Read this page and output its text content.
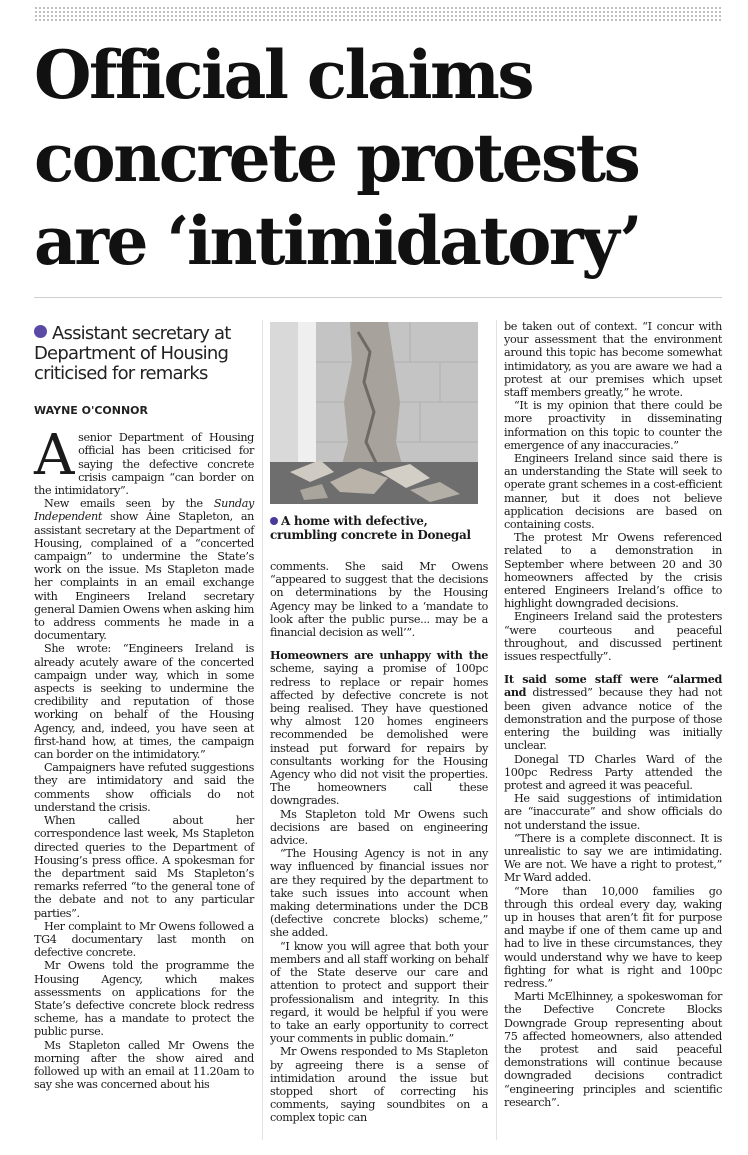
Official claims
concrete protests
are ‘intimidatory’
Assistant secretary at Department of Housing criticised for remarks
WAYNE O'CONNOR

Asenior Department of Housing official has been criticised for saying the defective concrete crisis campaign “can border on the intimidatory”.

New emails seen by the Sunday Independent show Áine Stapleton, an assistant secretary at the Department of Housing, complained of a “concerted campaign” to undermine the State’s work on the issue. Ms Stapleton made her complaints in an email exchange with Engineers Ireland secretary general Damien Owens when asking him to address comments he made in a documentary.

She wrote: “Engineers Ireland is already acutely aware of the concerted campaign under way, which in some aspects is seeking to undermine the credibility and reputation of those working on behalf of the Housing Agency, and, indeed, you have seen at first-hand how, at times, the campaign can border on the intimidatory.”

Campaigners have refuted suggestions they are intimidatory and said the comments show officials do not understand the crisis.

When called about her correspondence last week, Ms Stapleton directed queries to the Department of Housing’s press office. A spokesman for the department said Ms Stapleton’s remarks referred “to the general tone of the debate and not to any particular parties”.

Her complaint to Mr Owens followed a TG4 documentary last month on defective concrete.

Mr Owens told the programme the Housing Agency, which makes assessments on applications for the State’s defective concrete block redress scheme, has a mandate to protect the public purse.

Ms Stapleton called Mr Owens the morning after the show aired and followed up with an email at 11.20am to say she was concerned about his

A home with defective, crumbling concrete in Donegal

comments. She said Mr Owens “appeared to suggest that the decisions on determinations by the Housing Agency may be linked to a ‘mandate to look after the public purse... may be a financial decision as well’”.

Homeowners are unhappy with the scheme, saying a promise of 100pc redress to replace or repair homes affected by defective concrete is not being realised. They have questioned why almost 120 homes engineers recommended be demolished were instead put forward for repairs by consultants working for the Housing Agency who did not visit the properties. The homeowners call these downgrades.

Ms Stapleton told Mr Owens such decisions are based on engineering advice.

“The Housing Agency is not in any way influenced by financial issues nor are they required by the department to take such issues into account when making determinations under the DCB (defective concrete blocks) scheme,” she added.

“I know you will agree that both your members and all staff working on behalf of the State deserve our care and attention to protect and support their professionalism and integrity. In this regard, it would be helpful if you were to take an early opportunity to correct your comments in public domain.”

Mr Owens responded to Ms Stapleton by agreeing there is a sense of intimidation around the issue but stopped short of correcting his comments, saying soundbites on a complex topic can

be taken out of context. “I concur with your assessment that the environment around this topic has become somewhat intimidatory, as you are aware we had a protest at our premises which upset staff members greatly,” he wrote.

“It is my opinion that there could be more proactivity in disseminating information on this topic to counter the emergence of any inaccuracies.”

Engineers Ireland since said there is an understanding the State will seek to operate grant schemes in a cost-efficient manner, but it does not believe application decisions are based on containing costs.

The protest Mr Owens referenced related to a demonstration in September where between 20 and 30 homeowners affected by the crisis entered Engineers Ireland’s office to highlight downgraded decisions.

Engineers Ireland said the protesters “were courteous and peaceful throughout, and discussed pertinent issues respectfully”.

It said some staff were “alarmed and distressed” because they had not been given advance notice of the demonstration and the purpose of those entering the building was initially unclear.

Donegal TD Charles Ward of the 100pc Redress Party attended the protest and agreed it was peaceful.

He said suggestions of intimidation are “inaccurate” and show officials do not understand the issue.

“There is a complete disconnect. It is unrealistic to say we are intimidating. We are not. We have a right to protest,” Mr Ward added.

“More than 10,000 families go through this ordeal every day, waking up in houses that aren’t fit for purpose and maybe if one of them came up and had to live in these circumstances, they would understand why we have to keep fighting for what is right and 100pc redress.”

Marti McElhinney, a spokeswoman for the Defective Concrete Blocks Downgrade Group representing about 75 affected homeowners, also attended the protest and said peaceful demonstrations will continue because downgraded decisions contradict “engineering principles and scientific research”.
